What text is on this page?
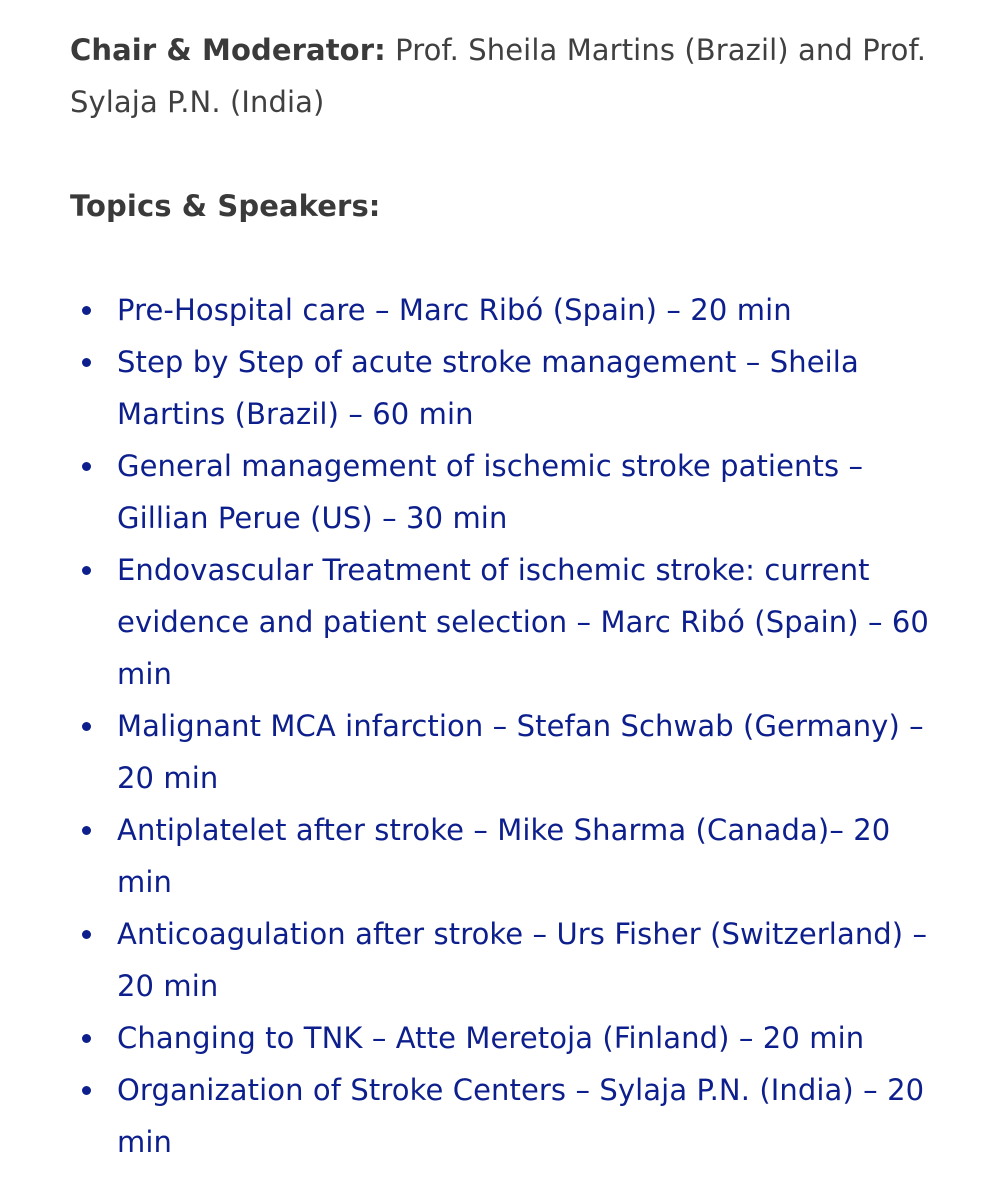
Chair & Moderator: Prof. Sheila Martins (Brazil) and Prof. Sylaja P.N. (India)

Topics & Speakers:

Pre-Hospital care – Marc Ribó (Spain) – 20 min
Step by Step of acute stroke management – Sheila Martins (Brazil) – 60 min
General management of ischemic stroke patients – Gillian Perue (US) – 30 min
Endovascular Treatment of ischemic stroke: current evidence and patient selection – Marc Ribó (Spain) – 60 min
Malignant MCA infarction – Stefan Schwab (Germany) – 20 min
Antiplatelet after stroke – Mike Sharma (Canada)– 20 min
Anticoagulation after stroke – Urs Fisher (Switzerland) – 20 min
Changing to TNK – Atte Meretoja (Finland) – 20 min
Organization of Stroke Centers – Sylaja P.N. (India) – 20 min
